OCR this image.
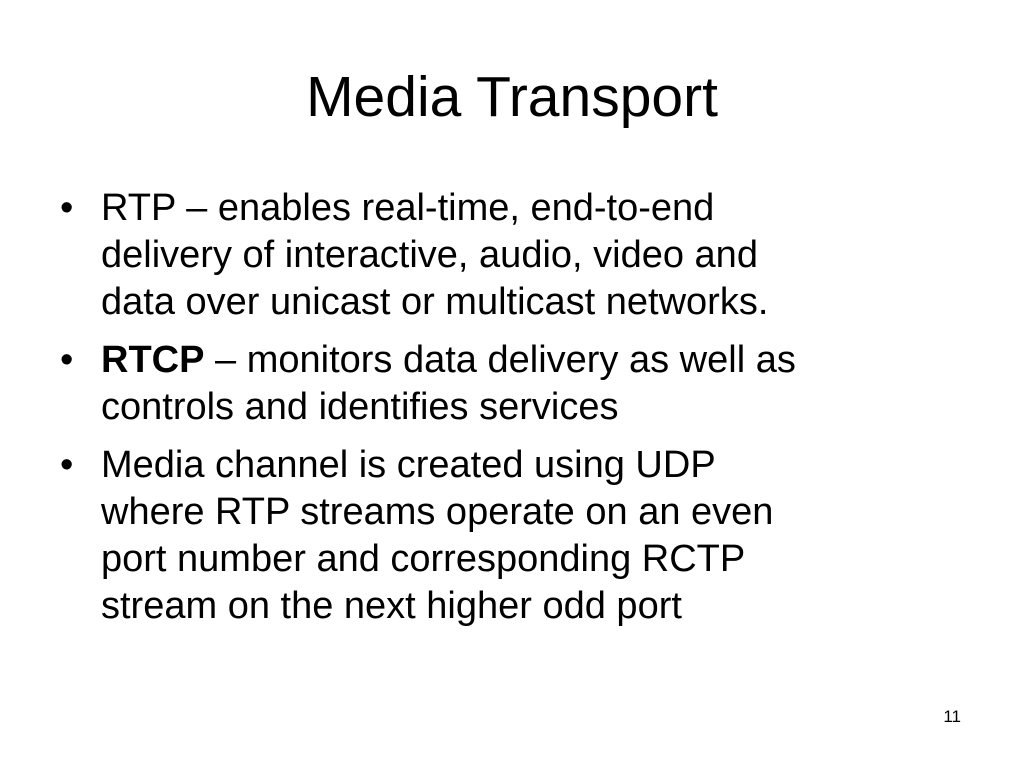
Media Transport
• RTP – enables real-time, end-to-end
delivery of interactive, audio, video and
data over unicast or multicast networks.
• RTCP – monitors data delivery as well as
controls and identifies services
• Media channel is created using UDP
where RTP streams operate on an even
port number and corresponding RCTP
stream on the next higher odd port
11
